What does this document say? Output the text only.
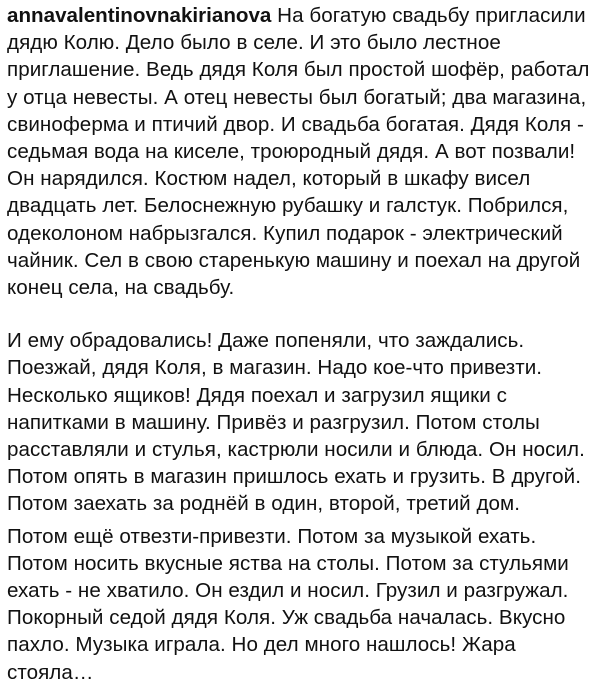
annavalentinovnakirianova На богатую свадьбу пригласили дядю Колю. Дело было в селе. И это было лестное приглашение. Ведь дядя Коля был простой шофёр, работал у отца невесты. А отец невесты был богатый; два магазина, свиноферма и птичий двор. И свадьба богатая. Дядя Коля - седьмая вода на киселе, троюродный дядя. А вот позвали! Он нарядился. Костюм надел, который в шкафу висел двадцать лет. Белоснежную рубашку и галстук. Побрился, одеколоном набрызгался. Купил подарок - электрический чайник. Сел в свою старенькую машину и поехал на другой конец села, на свадьбу.

И ему обрадовались! Даже попеняли, что заждались. Поезжай, дядя Коля, в магазин. Надо кое-что привезти. Несколько ящиков! Дядя поехал и загрузил ящики с напитками в машину. Привёз и разгрузил. Потом столы расставляли и стулья, кастрюли носили и блюда. Он носил. Потом опять в магазин пришлось ехать и грузить. В другой. Потом заехать за роднёй в один, второй, третий дом.

Потом ещё отвезти-привезти. Потом за музыкой ехать. Потом носить вкусные яства на столы. Потом за стульями ехать - не хватило. Он ездил и носил. Грузил и разгружал. Покорный седой дядя Коля. Уж свадьба началась. Вкусно пахло. Музыка играла. Но дел много нашлось! Жара стояла…
